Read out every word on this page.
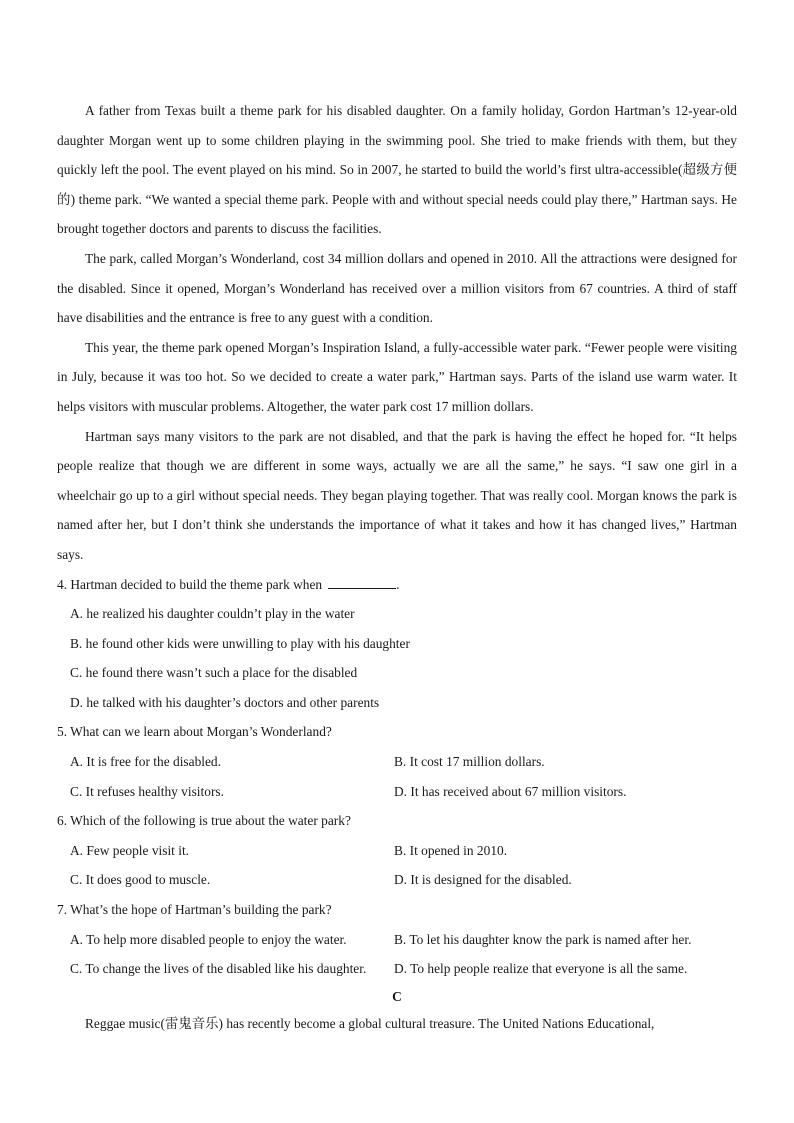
A father from Texas built a theme park for his disabled daughter. On a family holiday, Gordon Hartman’s 12-year-old daughter Morgan went up to some children playing in the swimming pool. She tried to make friends with them, but they quickly left the pool. The event played on his mind. So in 2007, he started to build the world’s first ultra-accessible(超级方便的) theme park. “We wanted a special theme park. People with and without special needs could play there,” Hartman says. He brought together doctors and parents to discuss the facilities.

The park, called Morgan’s Wonderland, cost 34 million dollars and opened in 2010. All the attractions were designed for the disabled. Since it opened, Morgan’s Wonderland has received over a million visitors from 67 countries. A third of staff have disabilities and the entrance is free to any guest with a condition.

This year, the theme park opened Morgan’s Inspiration Island, a fully-accessible water park. “Fewer people were visiting in July, because it was too hot. So we decided to create a water park,” Hartman says. Parts of the island use warm water. It helps visitors with muscular problems. Altogether, the water park cost 17 million dollars.

Hartman says many visitors to the park are not disabled, and that the park is having the effect he hoped for. “It helps people realize that though we are different in some ways, actually we are all the same,” he says. “I saw one girl in a wheelchair go up to a girl without special needs. They began playing together. That was really cool. Morgan knows the park is named after her, but I don’t think she understands the importance of what it takes and how it has changed lives,” Hartman says.

4. Hartman decided to build the theme park when	.

A. he realized his daughter couldn’t play in the water

B. he found other kids were unwilling to play with his daughter

C. he found there wasn’t such a place for the disabled

D. he talked with his daughter’s doctors and other parents

5. What can we learn about Morgan’s Wonderland?

A. It is free for the disabled.	B. It cost 17 million dollars.
C. It refuses healthy visitors.	D. It has received about 67 million visitors.

6. Which of the following is true about the water park?

A. Few people visit it.	B. It opened in 2010.
C. It does good to muscle.	D. It is designed for the disabled.

7. What’s the hope of Hartman’s building the park?

A. To help more disabled people to enjoy the water.	B. To let his daughter know the park is named after her.
C. To change the lives of the disabled like his daughter.	D. To help people realize that everyone is all the same.

C

Reggae music(雷鬼音乐) has recently become a global cultural treasure. The United Nations Educational,
